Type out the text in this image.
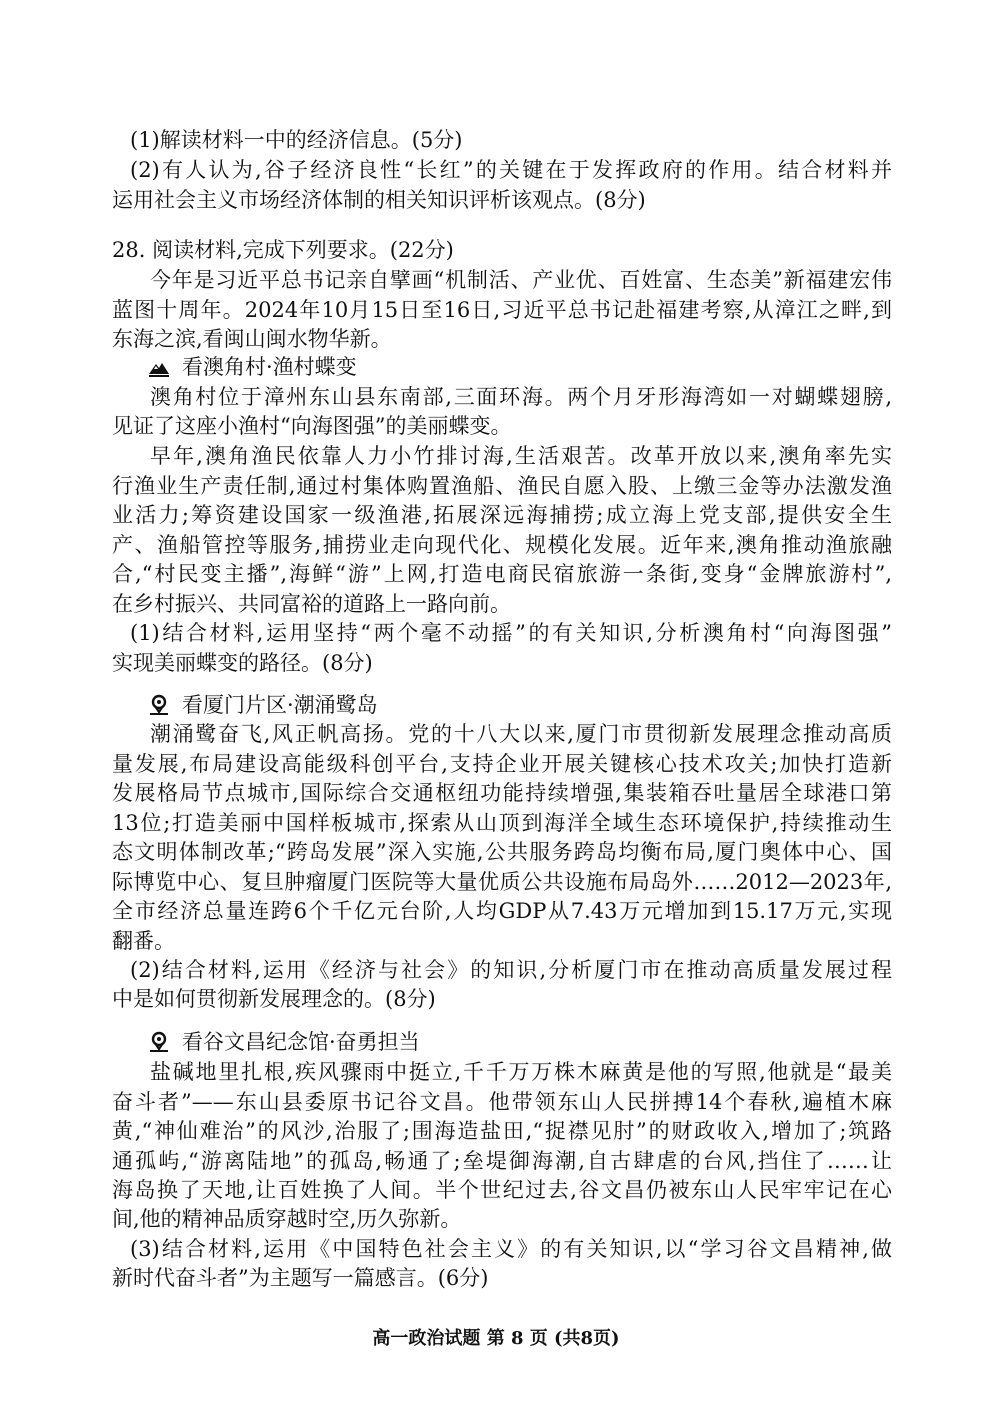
(1)解读材料一中的经济信息。(5分)

(2)有人认为,谷子经济良性“长红”的关键在于发挥政府的作用。结合材料并

运用社会主义市场经济体制的相关知识评析该观点。(8分)

28. 阅读材料,完成下列要求。(22分)

今年是习近平总书记亲自擘画“机制活、产业优、百姓富、生态美”新福建宏伟

蓝图十周年。2024年10月15日至16日,习近平总书记赴福建考察,从漳江之畔,到

东海之滨,看闽山闽水物华新。

看澳角村·渔村蝶变

澳角村位于漳州东山县东南部,三面环海。两个月牙形海湾如一对蝴蝶翅膀,

见证了这座小渔村“向海图强”的美丽蝶变。

早年,澳角渔民依靠人力小竹排讨海,生活艰苦。改革开放以来,澳角率先实

行渔业生产责任制,通过村集体购置渔船、渔民自愿入股、上缴三金等办法激发渔

业活力;筹资建设国家一级渔港,拓展深远海捕捞;成立海上党支部,提供安全生

产、渔船管控等服务,捕捞业走向现代化、规模化发展。近年来,澳角推动渔旅融

合,“村民变主播”,海鲜“游”上网,打造电商民宿旅游一条街,变身“金牌旅游村”,

在乡村振兴、共同富裕的道路上一路向前。

(1)结合材料,运用坚持“两个毫不动摇”的有关知识,分析澳角村“向海图强”

实现美丽蝶变的路径。(8分)

看厦门片区·潮涌鹭岛

潮涌鹭奋飞,风正帆高扬。党的十八大以来,厦门市贯彻新发展理念推动高质

量发展,布局建设高能级科创平台,支持企业开展关键核心技术攻关;加快打造新

发展格局节点城市,国际综合交通枢纽功能持续增强,集装箱吞吐量居全球港口第

13位;打造美丽中国样板城市,探索从山顶到海洋全域生态环境保护,持续推动生

态文明体制改革;“跨岛发展”深入实施,公共服务跨岛均衡布局,厦门奥体中心、国

际博览中心、复旦肿瘤厦门医院等大量优质公共设施布局岛外……2012—2023年,

全市经济总量连跨6个千亿元台阶,人均GDP从7.43万元增加到15.17万元,实现

翻番。

(2)结合材料,运用《经济与社会》的知识,分析厦门市在推动高质量发展过程

中是如何贯彻新发展理念的。(8分)

看谷文昌纪念馆·奋勇担当

盐碱地里扎根,疾风骤雨中挺立,千千万万株木麻黄是他的写照,他就是“最美

奋斗者”——东山县委原书记谷文昌。他带领东山人民拼搏14个春秋,遍植木麻

黄,“神仙难治”的风沙,治服了;围海造盐田,“捉襟见肘”的财政收入,增加了;筑路

通孤屿,“游离陆地”的孤岛,畅通了;垒堤御海潮,自古肆虐的台风,挡住了……让

海岛换了天地,让百姓换了人间。半个世纪过去,谷文昌仍被东山人民牢牢记在心

间,他的精神品质穿越时空,历久弥新。

(3)结合材料,运用《中国特色社会主义》的有关知识,以“学习谷文昌精神,做

新时代奋斗者”为主题写一篇感言。(6分)

高一政治试题 第 8 页 (共8页)
